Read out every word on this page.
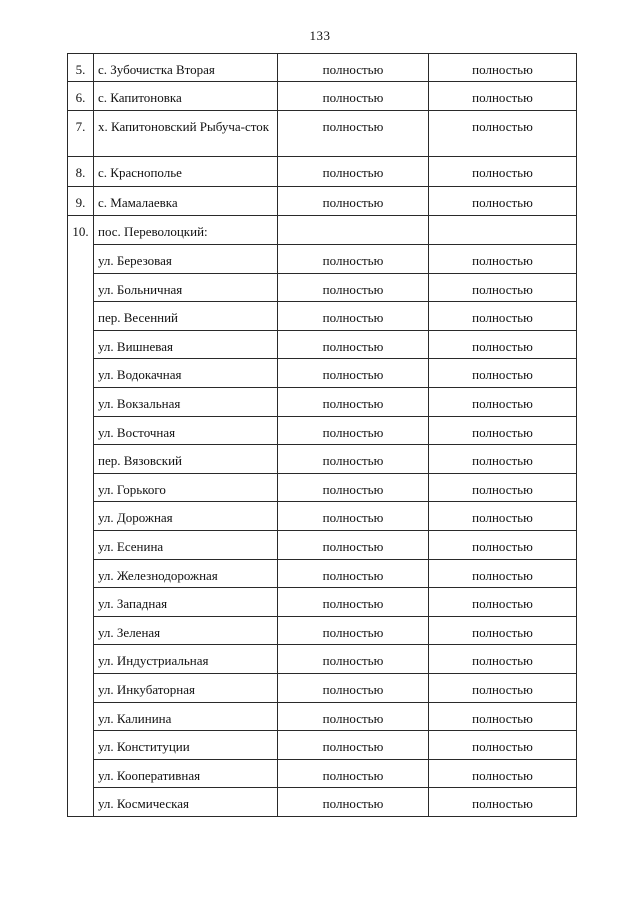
133
5.	с. Зубочистка Вторая	полностью	полностью
6.	с. Капитоновка	полностью	полностью
7.	х. Капитоновский Рыбуча-сток	полностью	полностью
8.	с. Краснополье	полностью	полностью
9.	с. Мамалаевка	полностью	полностью
10.	пос. Переволоцкий:		
	ул. Березовая	полностью	полностью
	ул. Больничная	полностью	полностью
	пер. Весенний	полностью	полностью
	ул. Вишневая	полностью	полностью
	ул. Водокачная	полностью	полностью
	ул. Вокзальная	полностью	полностью
	ул. Восточная	полностью	полностью
	пер. Вязовский	полностью	полностью
	ул. Горького	полностью	полностью
	ул. Дорожная	полностью	полностью
	ул. Есенина	полностью	полностью
	ул. Железнодорожная	полностью	полностью
	ул. Западная	полностью	полностью
	ул. Зеленая	полностью	полностью
	ул. Индустриальная	полностью	полностью
	ул. Инкубаторная	полностью	полностью
	ул. Калинина	полностью	полностью
	ул. Конституции	полностью	полностью
	ул. Кооперативная	полностью	полностью
	ул. Космическая	полностью	полностью
